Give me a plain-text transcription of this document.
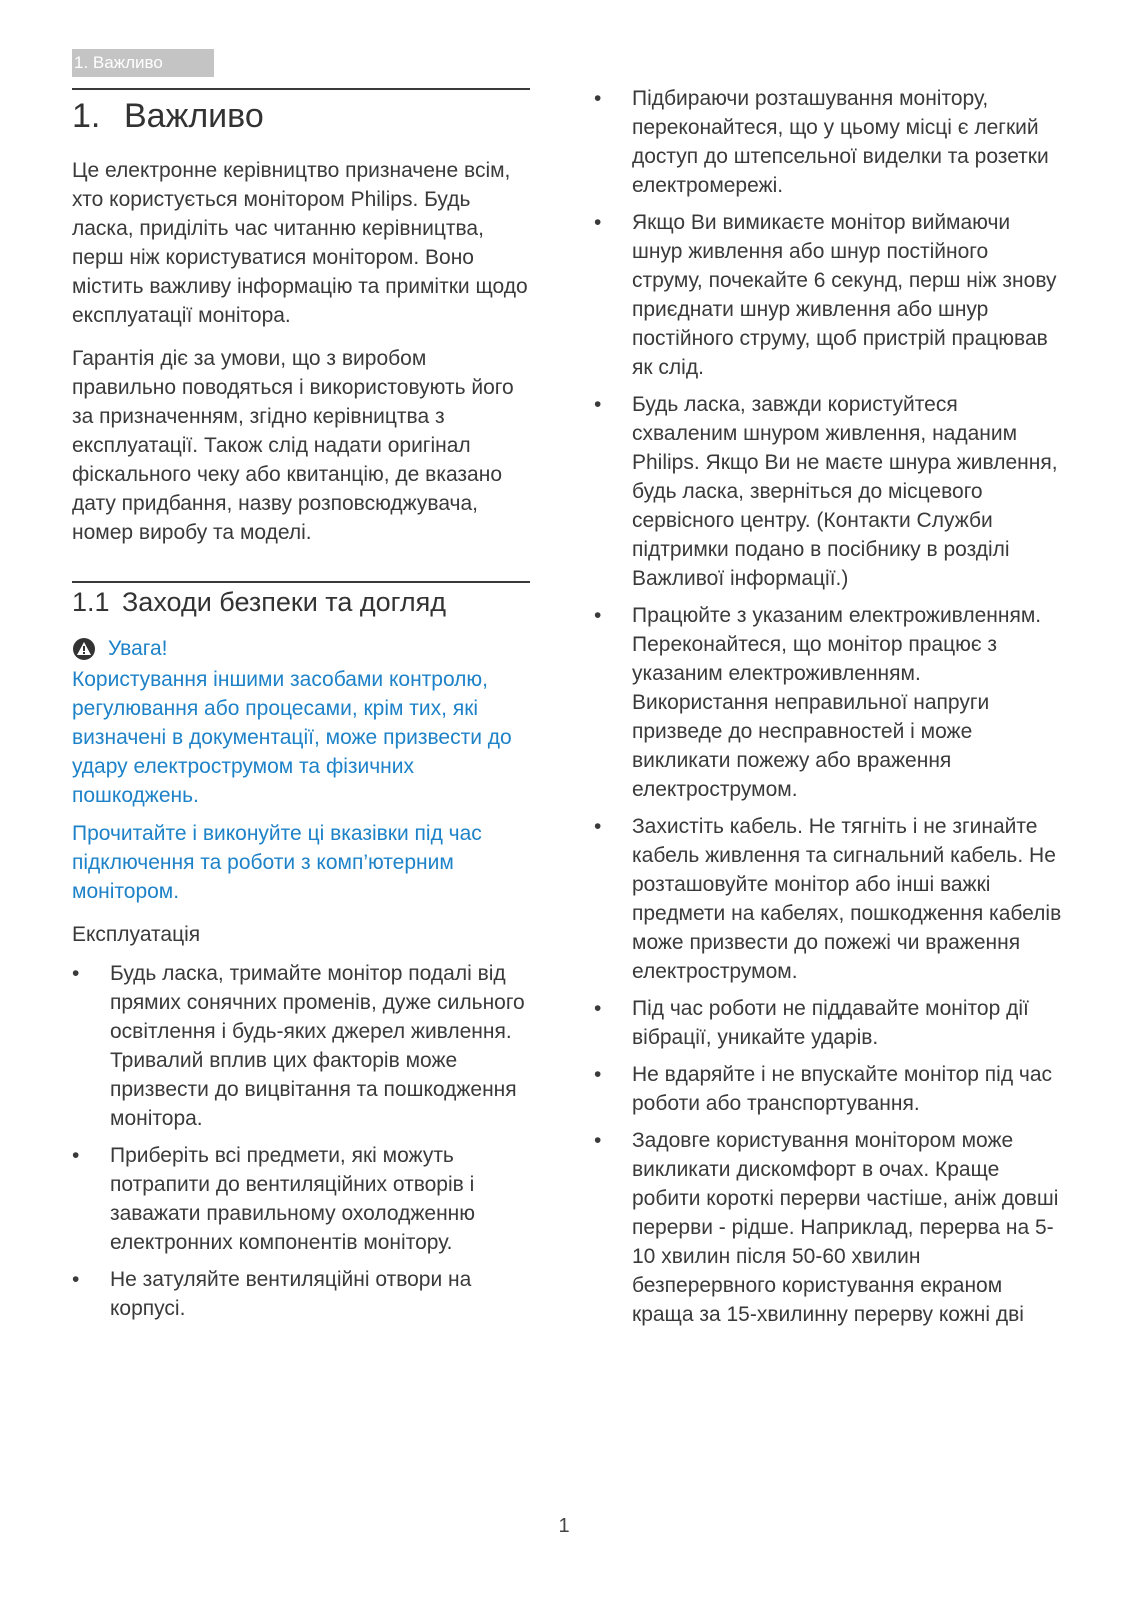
1. Важливо
1. Важливо

Це електронне керівництво призначене всім, хто користується монітором Philips. Будь ласка, приділіть час читанню керівництва, перш ніж користуватися монітором. Воно містить важливу інформацію та примітки щодо експлуатації монітора.

Гарантія діє за умови, що з виробом правильно поводяться і використовують його за призначенням, згідно керівництва з експлуатації. Також слід надати оригінал фіскального чеку або квитанцію, де вказано дату придбання, назву розповсюджувача, номер виробу та моделі.

1.1 Заходи безпеки та догляд
Увага!

Користування іншими засобами контролю, регулювання або процесами, крім тих, які визначені в документації, може призвести до удару електрострумом та фізичних пошкоджень.

Прочитайте і виконуйте ці вказівки під час підключення та роботи з комп’ютерним монітором.

Експлуатація

• Будь ласка, тримайте монітор подалі від прямих сонячних променів, дуже сильного освітлення і будь-яких джерел живлення. Тривалий вплив цих факторів може призвести до вицвітання та пошкодження монітора.
• Приберіть всі предмети, які можуть потрапити до вентиляційних отворів і заважати правильному охолодженню електронних компонентів монітору.
• Не затуляйте вентиляційні отвори на корпусі.
• Підбираючи розташування монітору, переконайтеся, що у цьому місці є легкий доступ до штепсельної виделки та розетки електромережі.
• Якщо Ви вимикаєте монітор виймаючи шнур живлення або шнур постійного струму, почекайте 6 секунд, перш ніж знову приєднати шнур живлення або шнур постійного струму, щоб пристрій працював як слід.
• Будь ласка, завжди користуйтеся схваленим шнуром живлення, наданим Philips. Якщо Ви не маєте шнура живлення, будь ласка, зверніться до місцевого сервісного центру. (Контакти Служби підтримки подано в посібнику в розділі Важливої інформації.)
• Працюйте з указаним електроживленням. Переконайтеся, що монітор працює з указаним електроживленням. Використання неправильної напруги призведе до несправностей і може викликати пожежу або враження електрострумом.
• Захистіть кабель. Не тягніть і не згинайте кабель живлення та сигнальний кабель. Не розташовуйте монітор або інші важкі предмети на кабелях, пошкодження кабелів може призвести до пожежі чи враження електрострумом.
• Під час роботи не піддавайте монітор дії вібрації, уникайте ударів.
• Не вдаряйте і не впускайте монітор під час роботи або транспортування.
• Задовге користування монітором може викликати дискомфорт в очах. Краще робити короткі перерви частіше, аніж довші перерви - рідше. Наприклад, перерва на 5-10 хвилин після 50-60 хвилин безперервного користування екраном краща за 15-хвилинну перерву кожні дві
1
